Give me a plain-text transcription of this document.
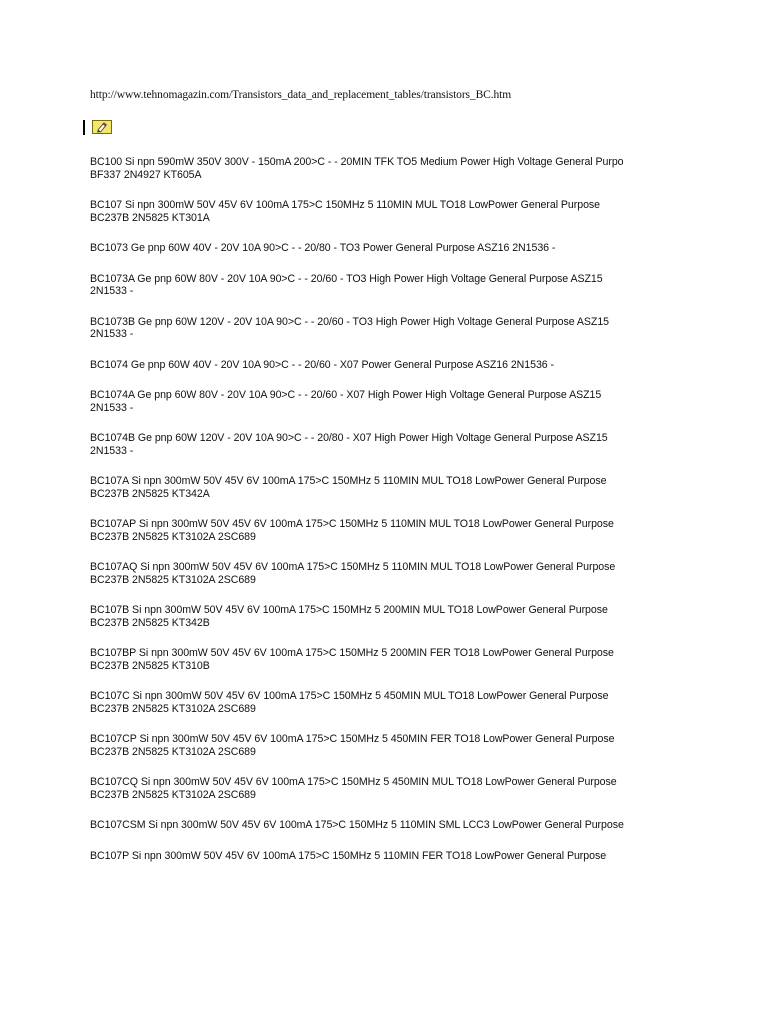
http://www.tehnomagazin.com/Transistors_data_and_replacement_tables/transistors_BC.htm
BC100 Si npn 590mW 350V 300V - 150mA 200>C - - 20MIN TFK TO5 Medium Power High Voltage General Purpo
BF337 2N4927 KT605A
BC107 Si npn 300mW 50V 45V 6V 100mA 175>C 150MHz 5 110MIN MUL TO18 LowPower General Purpose
BC237B 2N5825 KT301A
BC1073 Ge pnp 60W 40V - 20V 10A 90>C - - 20/80 - TO3 Power General Purpose ASZ16 2N1536 -
BC1073A Ge pnp 60W 80V - 20V 10A 90>C - - 20/60 - TO3 High Power High Voltage General Purpose ASZ15
2N1533 -
BC1073B Ge pnp 60W 120V - 20V 10A 90>C - - 20/60 - TO3 High Power High Voltage General Purpose ASZ15
2N1533 -
BC1074 Ge pnp 60W 40V - 20V 10A 90>C - - 20/60 - X07 Power General Purpose ASZ16 2N1536 -
BC1074A Ge pnp 60W 80V - 20V 10A 90>C - - 20/60 - X07 High Power High Voltage General Purpose ASZ15
2N1533 -
BC1074B Ge pnp 60W 120V - 20V 10A 90>C - - 20/80 - X07 High Power High Voltage General Purpose ASZ15
2N1533 -
BC107A Si npn 300mW 50V 45V 6V 100mA 175>C 150MHz 5 110MIN MUL TO18 LowPower General Purpose
BC237B 2N5825 KT342A
BC107AP Si npn 300mW 50V 45V 6V 100mA 175>C 150MHz 5 110MIN MUL TO18 LowPower General Purpose
BC237B 2N5825 KT3102A 2SC689
BC107AQ Si npn 300mW 50V 45V 6V 100mA 175>C 150MHz 5 110MIN MUL TO18 LowPower General Purpose
BC237B 2N5825 KT3102A 2SC689
BC107B Si npn 300mW 50V 45V 6V 100mA 175>C 150MHz 5 200MIN MUL TO18 LowPower General Purpose
BC237B 2N5825 KT342B
BC107BP Si npn 300mW 50V 45V 6V 100mA 175>C 150MHz 5 200MIN FER TO18 LowPower General Purpose
BC237B 2N5825 KT310B
BC107C Si npn 300mW 50V 45V 6V 100mA 175>C 150MHz 5 450MIN MUL TO18 LowPower General Purpose
BC237B 2N5825 KT3102A 2SC689
BC107CP Si npn 300mW 50V 45V 6V 100mA 175>C 150MHz 5 450MIN FER TO18 LowPower General Purpose
BC237B 2N5825 KT3102A 2SC689
BC107CQ Si npn 300mW 50V 45V 6V 100mA 175>C 150MHz 5 450MIN MUL TO18 LowPower General Purpose
BC237B 2N5825 KT3102A 2SC689
BC107CSM Si npn 300mW 50V 45V 6V 100mA 175>C 150MHz 5 110MIN SML LCC3 LowPower General Purpose
BC107P Si npn 300mW 50V 45V 6V 100mA 175>C 150MHz 5 110MIN FER TO18 LowPower General Purpose
